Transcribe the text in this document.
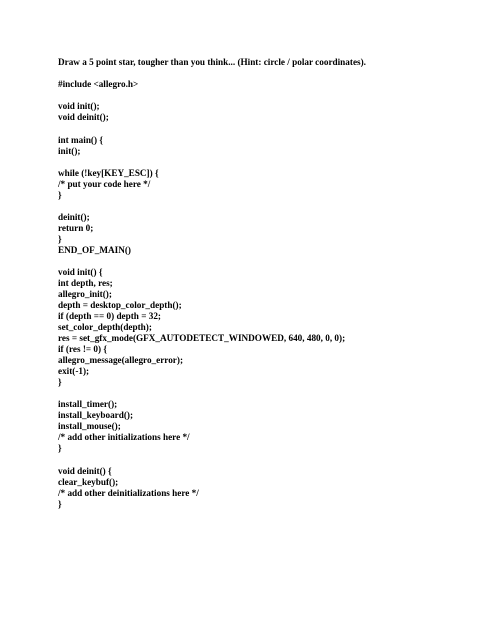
Draw a 5 point star, tougher than you think... (Hint: circle / polar coordinates).
#include <allegro.h>
void init();
void deinit();
int main() {
init();
while (!key[KEY_ESC]) {
/* put your code here */
}
deinit();
return 0;
}
END_OF_MAIN()
void init() {
int depth, res;
allegro_init();
depth = desktop_color_depth();
if (depth == 0) depth = 32;
set_color_depth(depth);
res = set_gfx_mode(GFX_AUTODETECT_WINDOWED, 640, 480, 0, 0);
if (res != 0) {
allegro_message(allegro_error);
exit(-1);
}
install_timer();
install_keyboard();
install_mouse();
/* add other initializations here */
}
void deinit() {
clear_keybuf();
/* add other deinitializations here */
}
